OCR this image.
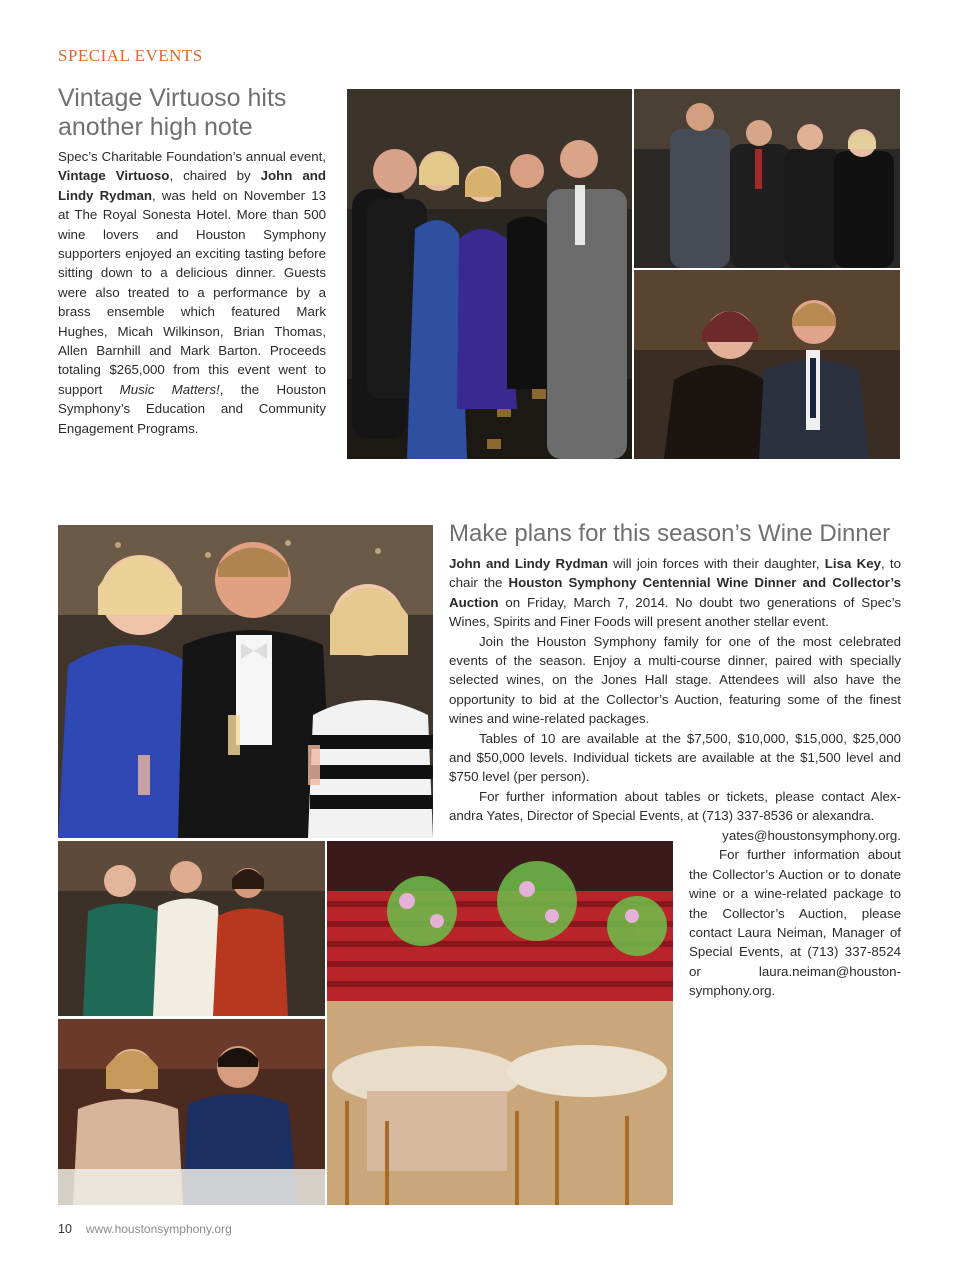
SPECIAL EVENTS
Vintage Virtuoso hits another high note
Spec’s Charitable Foundation’s annual event, Vintage Virtuoso, chaired by John and Lindy Rydman, was held on November 13 at The Royal Sonesta Hotel. More than 500 wine lovers and Houston Symphony supporters enjoyed an exciting tasting before sitting down to a delicious dinner. Guests were also treated to a performance by a brass ensemble which featured Mark Hughes, Micah Wilkinson, Brian Thomas, Allen Barnhill and Mark Barton. Proceeds totaling $265,000 from this event went to support Music Matters!, the Houston Symphony’s Education and Community Engagement Programs.
Make plans for this season’s Wine Dinner

John and Lindy Rydman will join forces with their daughter, Lisa Key, to chair the Houston Symphony Centennial Wine Dinner and Collector’s Auction on Friday, March 7, 2014. No doubt two generations of Spec’s Wines, Spirits and Finer Foods will present another stellar event.

Join the Houston Symphony family for one of the most celebrated events of the season. Enjoy a multi-course dinner, paired with specially selected wines, on the Jones Hall stage. Attendees will also have the opportunity to bid at the Collector’s Auction, featuring some of the finest wines and wine-related packages.

Tables of 10 are available at the $7,500, $10,000, $15,000, $25,000 and $50,000 levels. Individual tickets are available at the $1,500 level and $750 level (per person).

For further information about tables or tickets, please contact Alex-andra Yates, Director of Special Events, at (713) 337-8536 or alexandra.

yates@houstonsymphony.org.

For further information about the Collector’s Auction or to donate wine or a wine-related package to the Collector’s Auction, please contact Laura Neiman, Manager of Special Events, at (713) 337-8524 or laura.neiman@houston-symphony.org.

10 www.houstonsymphony.org
